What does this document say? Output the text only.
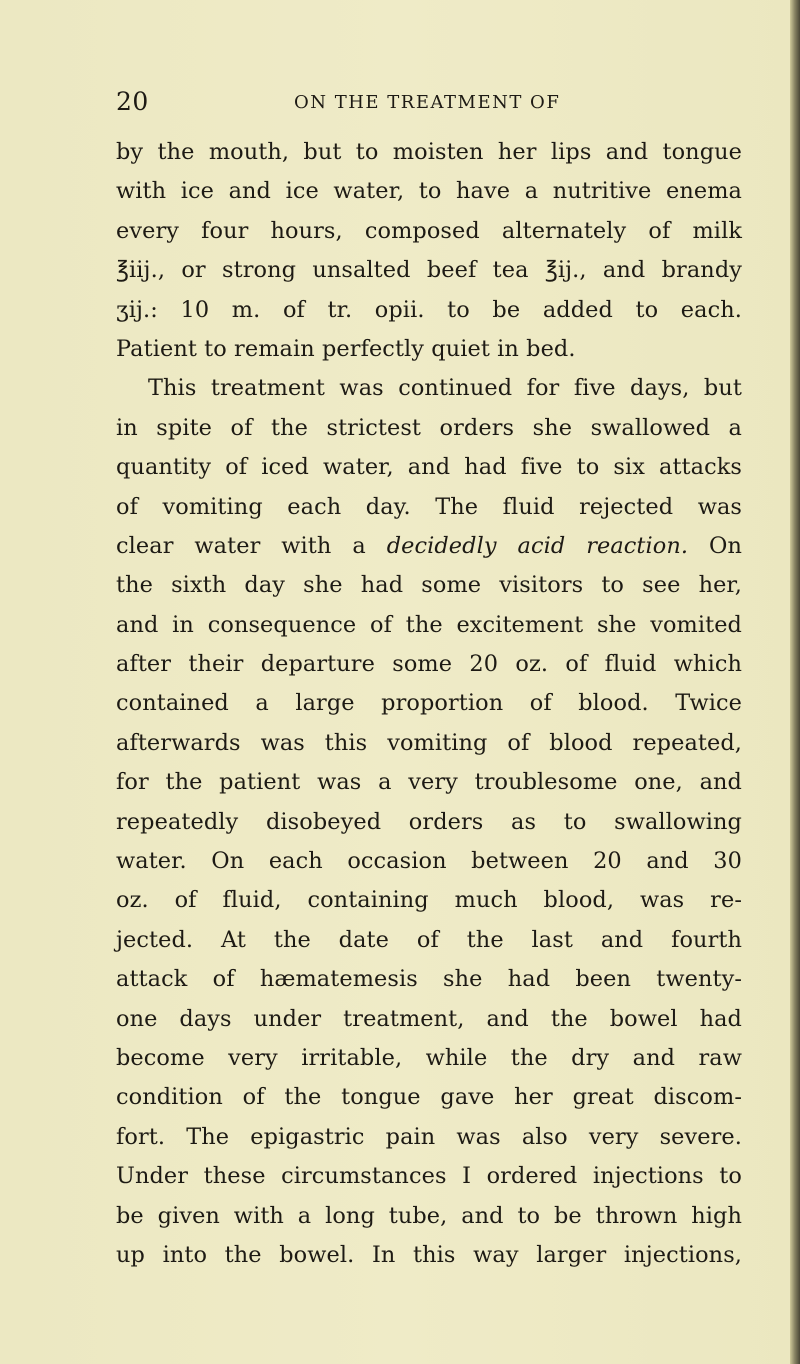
20	ON THE TREATMENT OF
by the mouth, but to moisten her lips and tongue
with ice and ice water, to have a nutritive enema
every four hours, composed alternately of milk
℥iij., or strong unsalted beef tea ℥ij., and brandy
ʒij.: 10 m. of tr. opii. to be added to each.
Patient to remain perfectly quiet in bed.
This treatment was continued for five days, but
in spite of the strictest orders she swallowed a
quantity of iced water, and had five to six attacks
of vomiting each day. The fluid rejected was
clear water with a decidedly acid reaction. On
the sixth day she had some visitors to see her,
and in consequence of the excitement she vomited
after their departure some 20 oz. of fluid which
contained a large proportion of blood. Twice
afterwards was this vomiting of blood repeated,
for the patient was a very troublesome one, and
repeatedly disobeyed orders as to swallowing
water. On each occasion between 20 and 30
oz. of fluid, containing much blood, was re-
jected. At the date of the last and fourth
attack of hæmatemesis she had been twenty-
one days under treatment, and the bowel had
become very irritable, while the dry and raw
condition of the tongue gave her great discom-
fort. The epigastric pain was also very severe.
Under these circumstances I ordered injections to
be given with a long tube, and to be thrown high
up into the bowel. In this way larger injections,
